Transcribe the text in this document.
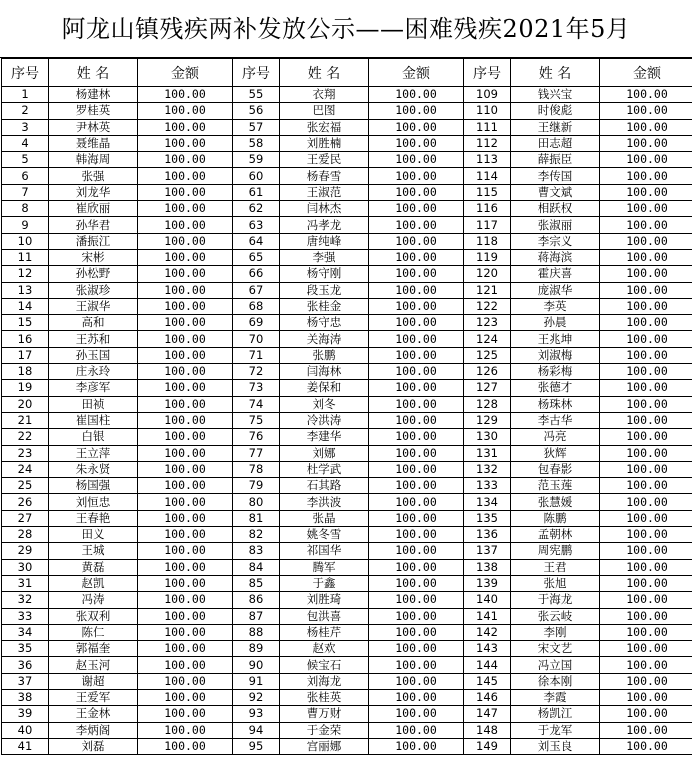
阿龙山镇残疾两补发放公示——困难残疾2021年5月
序号	姓 名	金额	序号	姓 名	金额	序号	姓 名	金额
1	杨建林	100.00	55	衣翔	100.00	109	钱兴宝	100.00
2	罗桂英	100.00	56	巴图	100.00	110	时俊彪	100.00
3	尹林英	100.00	57	张宏福	100.00	111	王继新	100.00
4	聂维晶	100.00	58	刘胜楠	100.00	112	田志超	100.00
5	韩海周	100.00	59	王爱民	100.00	113	薛振臣	100.00
6	张强	100.00	60	杨春雪	100.00	114	李传国	100.00
7	刘龙华	100.00	61	王淑范	100.00	115	曹文斌	100.00
8	崔欣丽	100.00	62	闫林杰	100.00	116	相跃权	100.00
9	孙华君	100.00	63	冯孝龙	100.00	117	张淑丽	100.00
10	潘振江	100.00	64	唐纯峰	100.00	118	李宗义	100.00
11	宋彬	100.00	65	李强	100.00	119	蒋海滨	100.00
12	孙松野	100.00	66	杨守刚	100.00	120	霍庆喜	100.00
13	张淑珍	100.00	67	段玉龙	100.00	121	庞淑华	100.00
14	王淑华	100.00	68	张桂金	100.00	122	李英	100.00
15	高和	100.00	69	杨守忠	100.00	123	孙晨	100.00
16	王苏和	100.00	70	关海涛	100.00	124	王兆坤	100.00
17	孙玉国	100.00	71	张鹏	100.00	125	刘淑梅	100.00
18	庄永玲	100.00	72	闫海林	100.00	126	杨彩梅	100.00
19	李彦军	100.00	73	姜保和	100.00	127	张德才	100.00
20	田祯	100.00	74	刘冬	100.00	128	杨珠林	100.00
21	崔国柱	100.00	75	冷洪涛	100.00	129	李古华	100.00
22	白银	100.00	76	李建华	100.00	130	冯亮	100.00
23	王立萍	100.00	77	刘娜	100.00	131	狄辉	100.00
24	朱永贤	100.00	78	杜学武	100.00	132	包春影	100.00
25	杨国强	100.00	79	石其路	100.00	133	范玉莲	100.00
26	刘恒忠	100.00	80	李洪波	100.00	134	张慧媛	100.00
27	王春艳	100.00	81	张晶	100.00	135	陈鹏	100.00
28	田义	100.00	82	姚冬雪	100.00	136	孟朝林	100.00
29	王城	100.00	83	祁国华	100.00	137	周宪鹏	100.00
30	黄磊	100.00	84	腾军	100.00	138	王君	100.00
31	赵凯	100.00	85	于鑫	100.00	139	张旭	100.00
32	冯涛	100.00	86	刘胜琦	100.00	140	于海龙	100.00
33	张双利	100.00	87	包洪喜	100.00	141	张云岐	100.00
34	陈仁	100.00	88	杨桂芹	100.00	142	李刚	100.00
35	郭福奎	100.00	89	赵欢	100.00	143	宋文艺	100.00
36	赵玉河	100.00	90	候宝石	100.00	144	冯立国	100.00
37	谢超	100.00	91	刘海龙	100.00	145	徐本刚	100.00
38	王爱军	100.00	92	张桂英	100.00	146	李霞	100.00
39	王金林	100.00	93	曹万财	100.00	147	杨凯江	100.00
40	李炳阁	100.00	94	于金荣	100.00	148	于龙军	100.00
41	刘磊	100.00	95	宫丽娜	100.00	149	刘玉良	100.00
